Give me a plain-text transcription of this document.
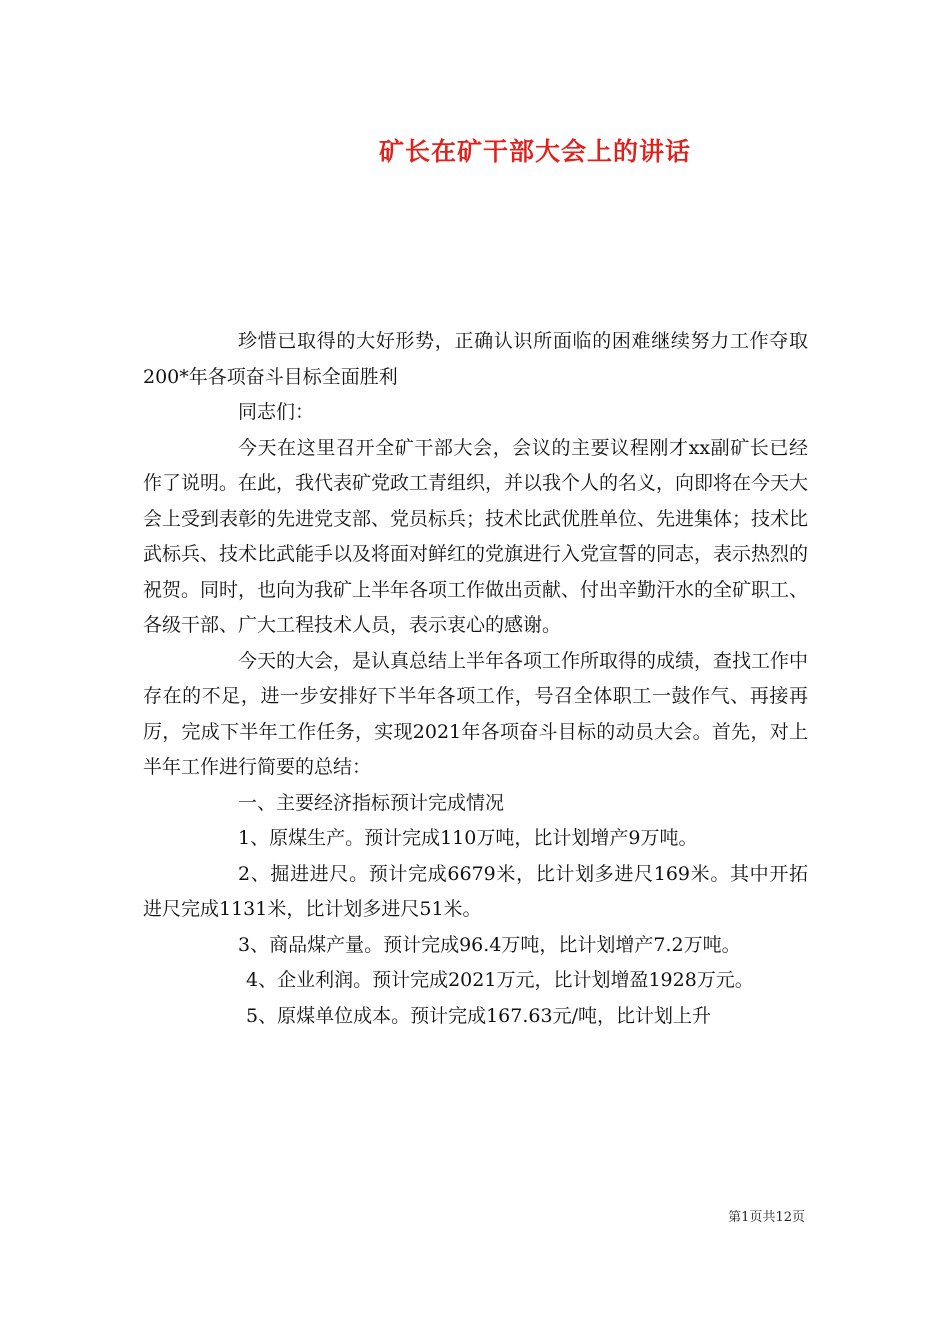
矿长在矿干部大会上的讲话

珍惜已取得的大好形势，正确认识所面临的困难继续努力工作夺取200*年各项奋斗目标全面胜利

同志们：

今天在这里召开全矿干部大会，会议的主要议程刚才xx副矿长已经作了说明。在此，我代表矿党政工青组织，并以我个人的名义，向即将在今天大会上受到表彰的先进党支部、党员标兵；技术比武优胜单位、先进集体；技术比武标兵、技术比武能手以及将面对鲜红的党旗进行入党宣誓的同志，表示热烈的祝贺。同时，也向为我矿上半年各项工作做出贡献、付出辛勤汗水的全矿职工、各级干部、广大工程技术人员，表示衷心的感谢。

今天的大会，是认真总结上半年各项工作所取得的成绩，查找工作中存在的不足，进一步安排好下半年各项工作，号召全体职工一鼓作气、再接再厉，完成下半年工作任务，实现2021年各项奋斗目标的动员大会。首先，对上半年工作进行简要的总结：

一、主要经济指标预计完成情况

1、原煤生产。预计完成110万吨，比计划增产9万吨。

2、掘进进尺。预计完成6679米，比计划多进尺169米。其中开拓进尺完成1131米，比计划多进尺51米。

3、商品煤产量。预计完成96.4万吨，比计划增产7.2万吨。

4、企业利润。预计完成2021万元，比计划增盈1928万元。

5、原煤单位成本。预计完成167.63元/吨，比计划上升

第1页共12页
